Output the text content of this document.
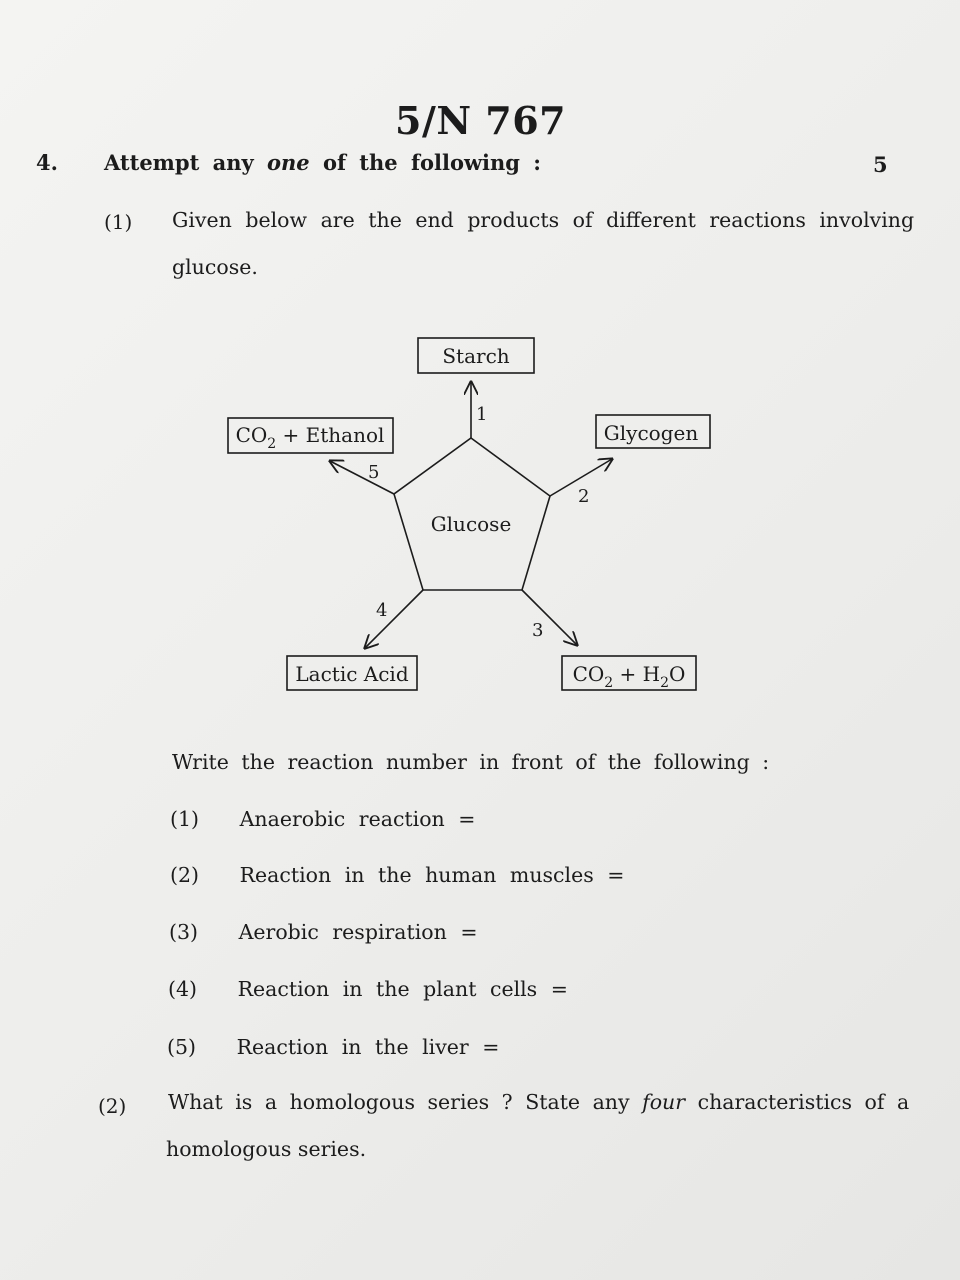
5/N 767
4. Attempt any one of the following :	5
(1) Given below are the end products of different reactions involving
glucose.
Glucose
Starch
Glycogen
Lactic Acid	$CO_2 + H_2O$
$CO_2$ + Ethanol
1
2
3
4
5
Write the reaction number in front of the following :
(1) Anaerobic reaction =
(2) Reaction in the human muscles =
(3) Aerobic respiration =
(4) Reaction in the plant cells =
(5) Reaction in the liver =
(2) What is a homologous series ? State any four characteristics of a
homologous series.
